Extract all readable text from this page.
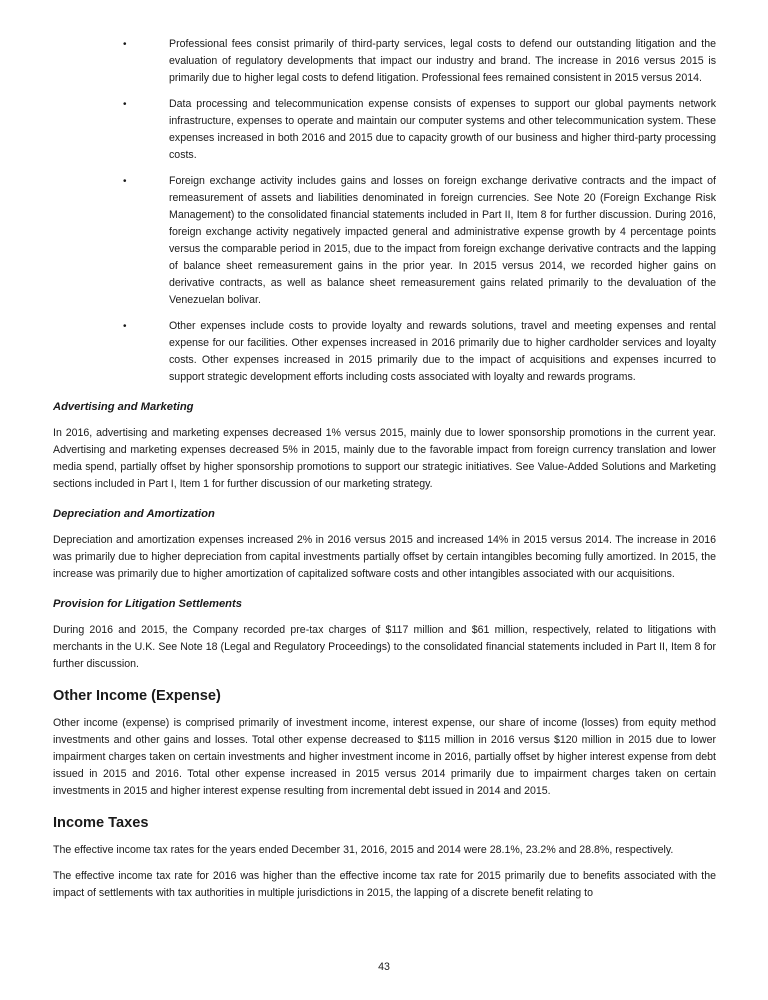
•	Professional fees consist primarily of third-party services, legal costs to defend our outstanding litigation and the evaluation of regulatory developments that impact our industry and brand. The increase in 2016 versus 2015 is primarily due to higher legal costs to defend litigation. Professional fees remained consistent in 2015 versus 2014.
•	Data processing and telecommunication expense consists of expenses to support our global payments network infrastructure, expenses to operate and maintain our computer systems and other telecommunication system. These expenses increased in both 2016 and 2015 due to capacity growth of our business and higher third-party processing costs.
•	Foreign exchange activity includes gains and losses on foreign exchange derivative contracts and the impact of remeasurement of assets and liabilities denominated in foreign currencies. See Note 20 (Foreign Exchange Risk Management) to the consolidated financial statements included in Part II, Item 8 for further discussion. During 2016, foreign exchange activity negatively impacted general and administrative expense growth by 4 percentage points versus the comparable period in 2015, due to the impact from foreign exchange derivative contracts and the lapping of balance sheet remeasurement gains in the prior year. In 2015 versus 2014, we recorded higher gains on derivative contracts, as well as balance sheet remeasurement gains related primarily to the devaluation of the Venezuelan bolivar.
•	Other expenses include costs to provide loyalty and rewards solutions, travel and meeting expenses and rental expense for our facilities. Other expenses increased in 2016 primarily due to higher cardholder services and loyalty costs. Other expenses increased in 2015 primarily due to the impact of acquisitions and expenses incurred to support strategic development efforts including costs associated with loyalty and rewards programs.
Advertising and Marketing

In 2016, advertising and marketing expenses decreased 1% versus 2015, mainly due to lower sponsorship promotions in the current year. Advertising and marketing expenses decreased 5% in 2015, mainly due to the favorable impact from foreign currency translation and lower media spend, partially offset by higher sponsorship promotions to support our strategic initiatives. See Value-Added Solutions and Marketing sections included in Part I, Item 1 for further discussion of our marketing strategy.

Depreciation and Amortization

Depreciation and amortization expenses increased 2% in 2016 versus 2015 and increased 14% in 2015 versus 2014. The increase in 2016 was primarily due to higher depreciation from capital investments partially offset by certain intangibles becoming fully amortized. In 2015, the increase was primarily due to higher amortization of capitalized software costs and other intangibles associated with our acquisitions.

Provision for Litigation Settlements

During 2016 and 2015, the Company recorded pre-tax charges of $117 million and $61 million, respectively, related to litigations with merchants in the U.K. See Note 18 (Legal and Regulatory Proceedings) to the consolidated financial statements included in Part II, Item 8 for further discussion.

Other Income (Expense)

Other income (expense) is comprised primarily of investment income, interest expense, our share of income (losses) from equity method investments and other gains and losses. Total other expense decreased to $115 million in 2016 versus $120 million in 2015 due to lower impairment charges taken on certain investments and higher investment income in 2016, partially offset by higher interest expense from debt issued in 2015 and 2016. Total other expense increased in 2015 versus 2014 primarily due to impairment charges taken on certain investments in 2015 and higher interest expense resulting from incremental debt issued in 2014 and 2015.

Income Taxes

The effective income tax rates for the years ended December 31, 2016, 2015 and 2014 were 28.1%, 23.2% and 28.8%, respectively.

The effective income tax rate for 2016 was higher than the effective income tax rate for 2015 primarily due to benefits associated with the impact of settlements with tax authorities in multiple jurisdictions in 2015, the lapping of a discrete benefit relating to

43
